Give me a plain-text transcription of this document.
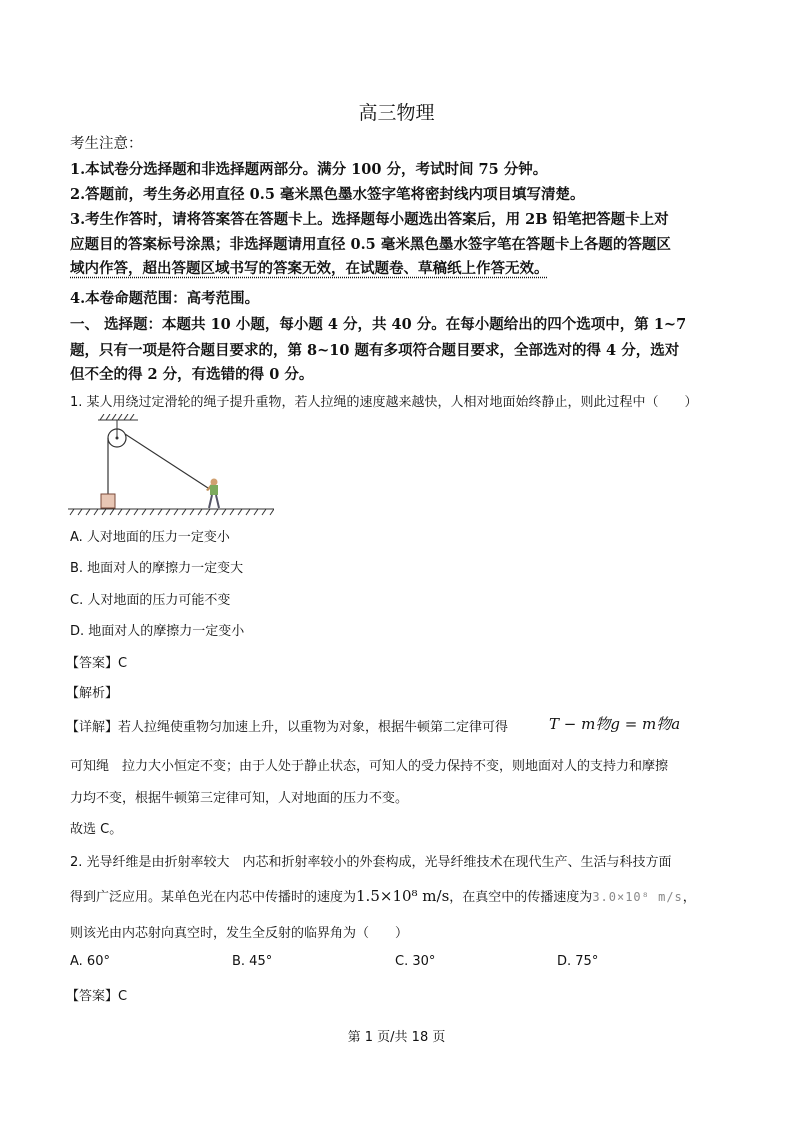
高三物理
考生注意：
1.本试卷分选择题和非选择题两部分。满分 100 分，考试时间 75 分钟。
2.答题前，考生务必用直径 0.5 毫米黑色墨水签字笔将密封线内项目填写清楚。
3.考生作答时，请将答案答在答题卡上。选择题每小题选出答案后，用 2B 铅笔把答题卡上对
应题目的答案标号涂黑；非选择题请用直径 0.5 毫米黑色墨水签字笔在答题卡上各题的答题区
域内作答，超出答题区域书写的答案无效，在试题卷、草稿纸上作答无效。
4.本卷命题范围：高考范围。
一、 选择题：本题共 10 小题，每小题 4 分，共 40 分。在每小题给出的四个选项中，第 1~7
题，只有一项是符合题目要求的，第 8~10 题有多项符合题目要求，全部选对的得 4 分，选对
但不全的得 2 分，有选错的得 0 分。
1. 某人用绕过定滑轮的绳子提升重物，若人拉绳的速度越来越快，人相对地面始终静止，则此过程中（　　）
A. 人对地面的压力一定变小
B. 地面对人的摩擦力一定变大
C. 人对地面的压力可能不变
D. 地面对人的摩擦力一定变小
【答案】C
【解析】
【详解】若人拉绳使重物匀加速上升，以重物为对象，根据牛顿第二定律可得	T − m物g = m物a
可知绳　拉力大小恒定不变；由于人处于静止状态，可知人的受力保持不变，则地面对人的支持力和摩擦
力均不变，根据牛顿第三定律可知，人对地面的压力不变。
故选 C。
2. 光导纤维是由折射率较大　内芯和折射率较小的外套构成，光导纤维技术在现代生产、生活与科技方面
得到广泛应用。某单色光在内芯中传播时的速度为1.5×10⁸ m/s，在真空中的传播速度为3.0×10⁸ m/s，
则该光由内芯射向真空时，发生全反射的临界角为（　　）
A. 60°	B. 45°	C. 30°	D. 75°
【答案】C
第 1 页/共 18 页
